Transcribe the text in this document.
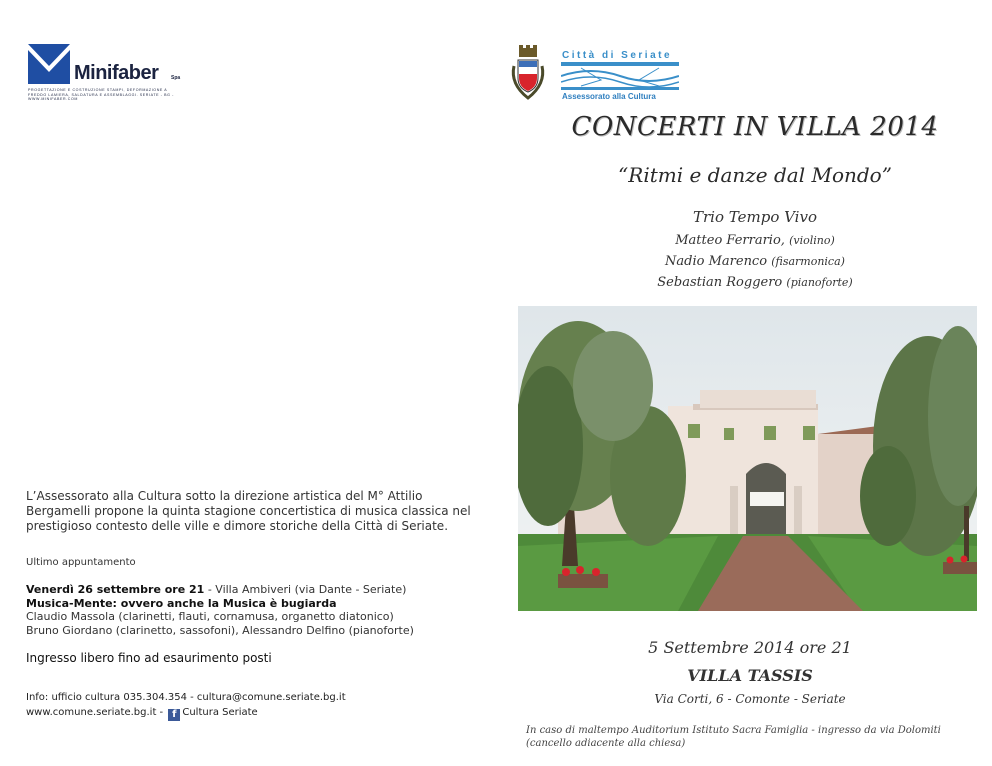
Minifaber	Spa
PROGETTAZIONE E COSTRUZIONE STAMPI, DEFORMAZIONE A FREDDO LAMIERA, SALDATURA E ASSEMBLAGGI. SERIATE - BG - WWW.MINIFABER.COM
Città di Seriate
Assessorato alla Cultura
CONCERTI IN VILLA 2014
“Ritmi e danze dal Mondo”
Trio Tempo Vivo
Matteo Ferrario, (violino)
Nadio Marenco (fisarmonica)
Sebastian Roggero (pianoforte)
5 Settembre 2014 ore 21
VILLA TASSIS
Via Corti, 6 - Comonte - Seriate
In caso di maltempo Auditorium Istituto Sacra Famiglia - ingresso da via Dolomiti (cancello adiacente alla chiesa)
L’Assessorato alla Cultura sotto la direzione artistica del M° Attilio Bergamelli propone la quinta stagione concertistica di musica classica nel prestigioso contesto delle ville e dimore storiche della Città di Seriate.
Ultimo appuntamento
Venerdì 26 settembre ore 21 - Villa Ambiveri (via Dante - Seriate)
Musica-Mente: ovvero anche la Musica è bugiarda
Claudio Massola (clarinetti, flauti, cornamusa, organetto diatonico)
Bruno Giordano (clarinetto, sassofoni), Alessandro Delfino (pianoforte)
Ingresso libero fino ad esaurimento posti
Info: ufficio cultura 035.304.354 - cultura@comune.seriate.bg.it
www.comune.seriate.bg.it - f Cultura Seriate
